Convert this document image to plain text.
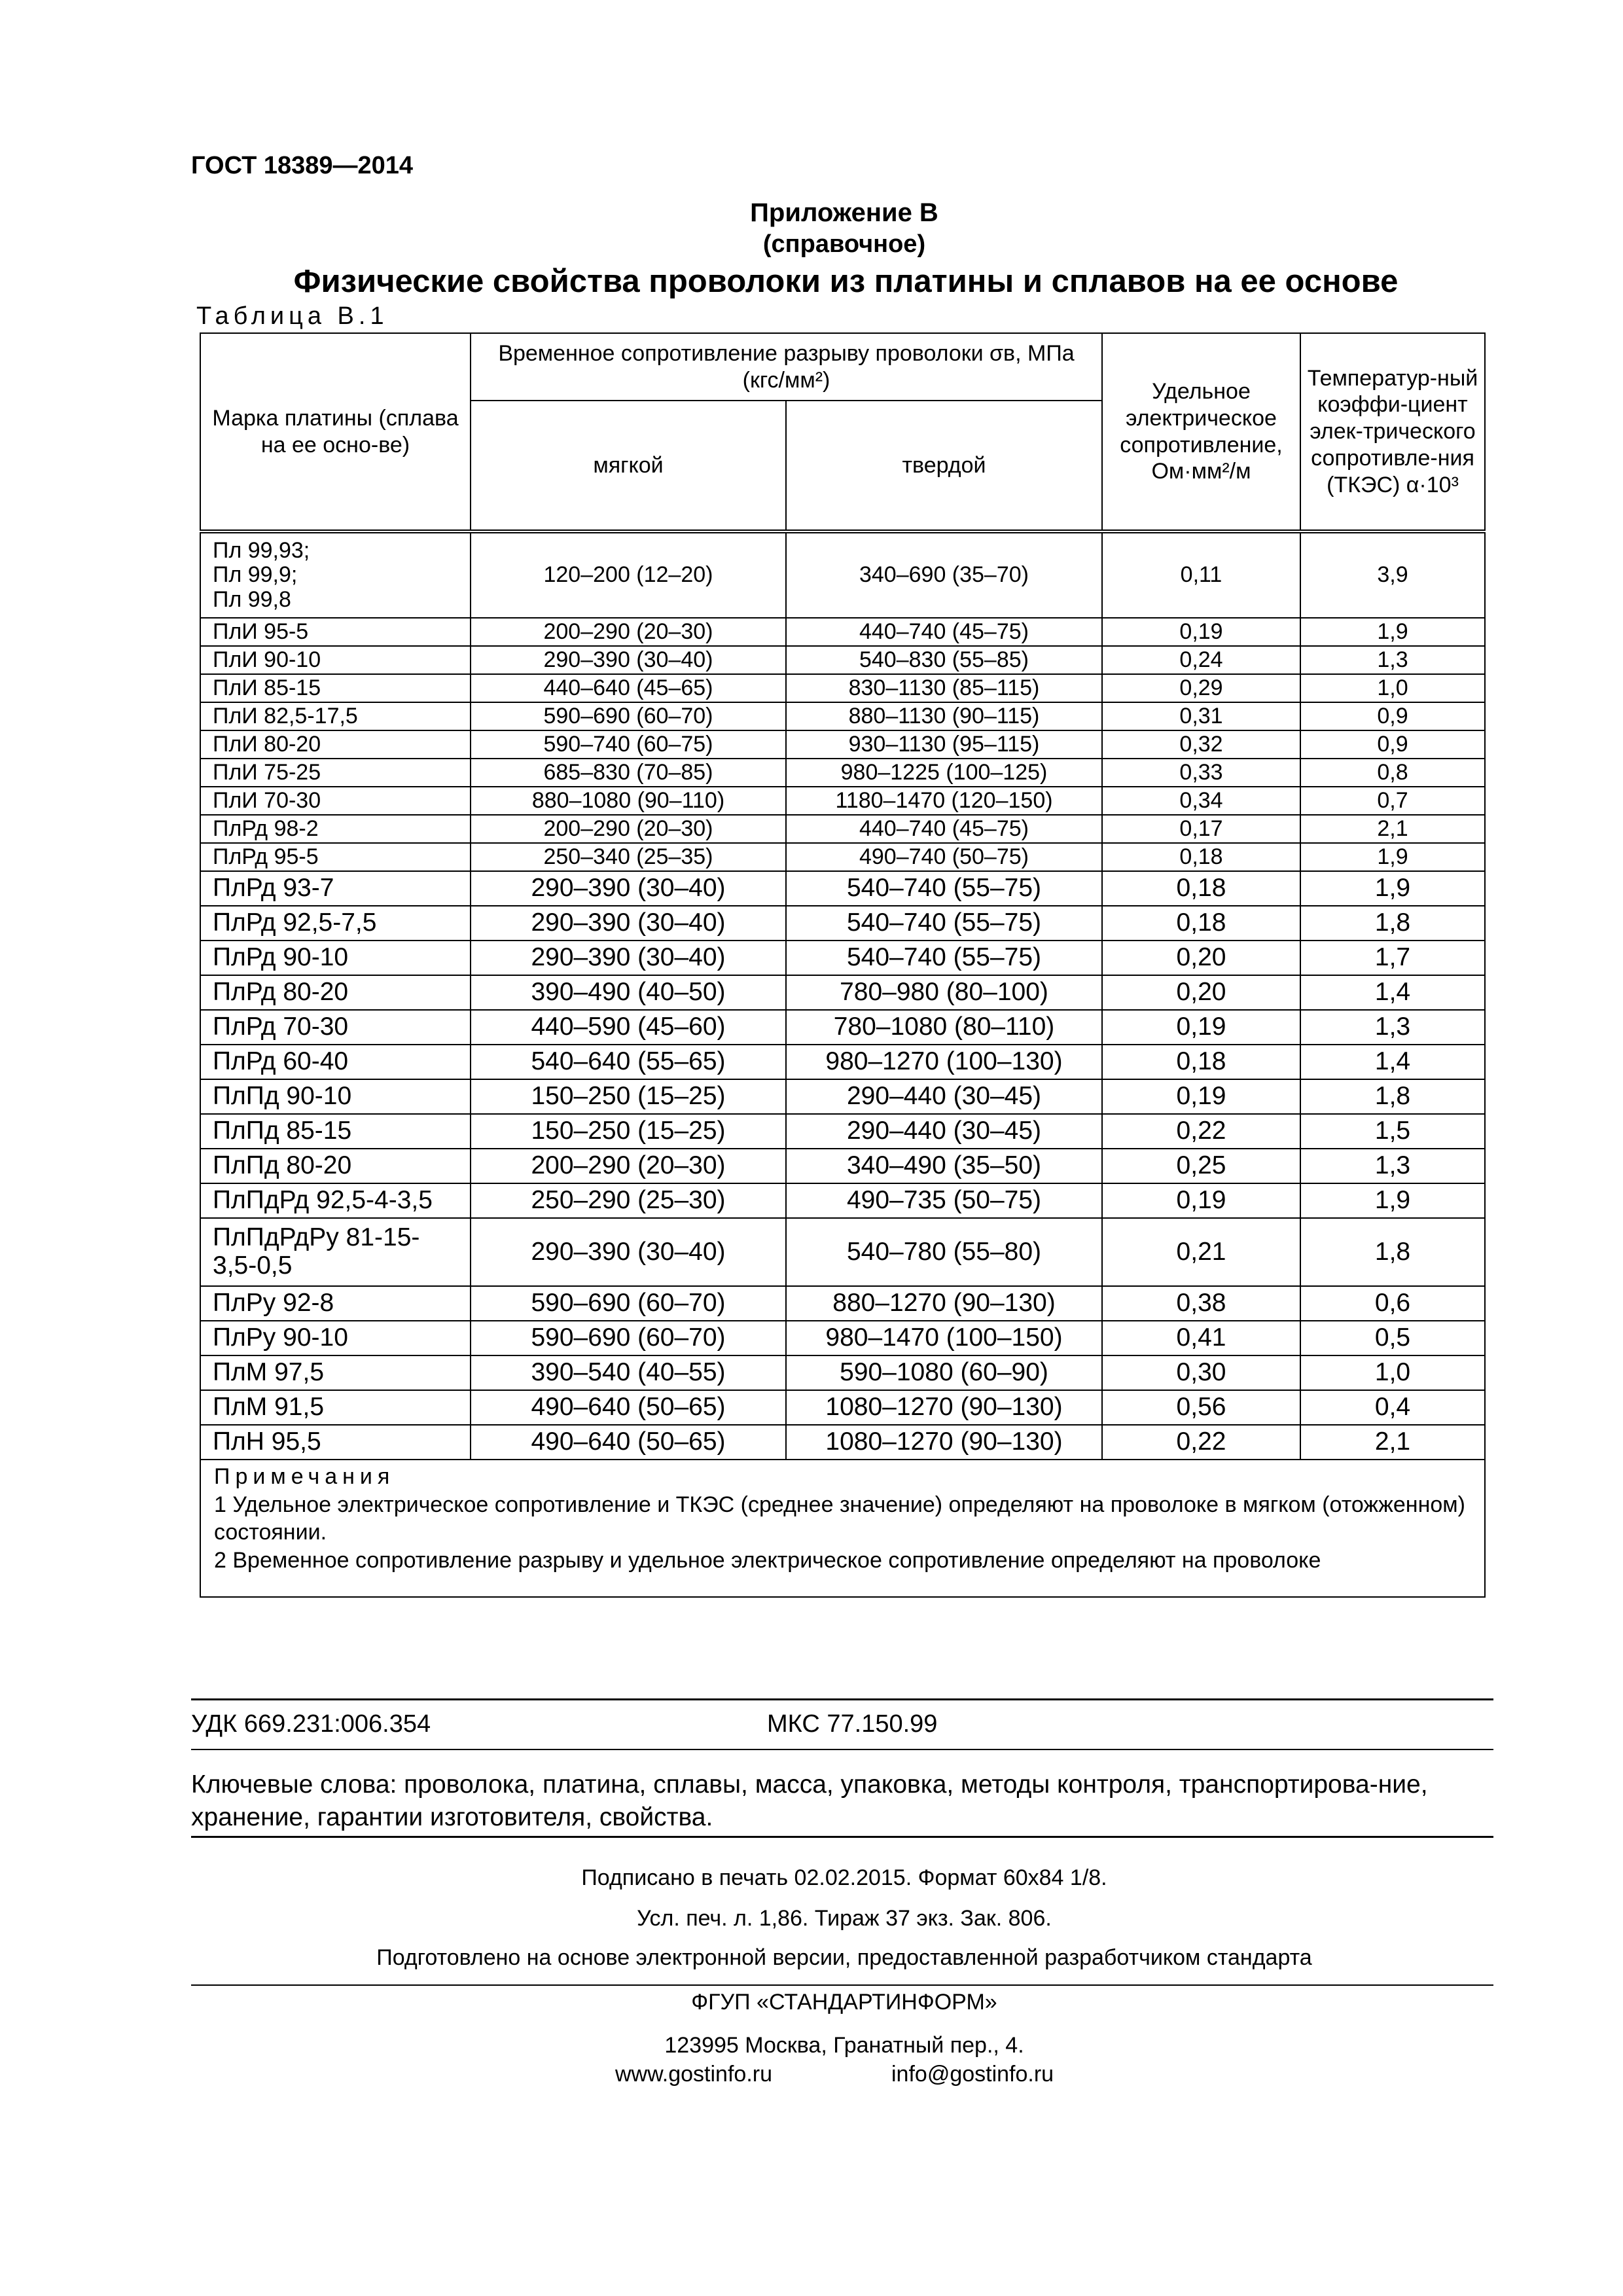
ГОСТ 18389—2014
Приложение В
(справочное)
Физические свойства проволоки из платины и сплавов на ее основе
Таблица В.1
Марка платины (сплава на ее осно-ве)	Временное сопротивление разрыву проволоки σв, МПа (кгс/мм²)		Удельное электрическое сопротивление, Ом·мм²/м	Температур-ный коэффи-циент элек-трического сопротивле-ния (ТКЭС) α·10³
	мягкой	твердой		
Пл 99,93;
Пл 99,9;
Пл 99,8	120–200 (12–20)	340–690 (35–70)	0,11	3,9
ПлИ 95-5	200–290 (20–30)	440–740 (45–75)	0,19	1,9
ПлИ 90-10	290–390 (30–40)	540–830 (55–85)	0,24	1,3
ПлИ 85-15	440–640 (45–65)	830–1130 (85–115)	0,29	1,0
ПлИ 82,5-17,5	590–690 (60–70)	880–1130 (90–115)	0,31	0,9
ПлИ 80-20	590–740 (60–75)	930–1130 (95–115)	0,32	0,9
ПлИ 75-25	685–830 (70–85)	980–1225 (100–125)	0,33	0,8
ПлИ 70-30	880–1080 (90–110)	1180–1470 (120–150)	0,34	0,7
ПлРд 98-2	200–290 (20–30)	440–740 (45–75)	0,17	2,1
ПлРд 95-5	250–340 (25–35)	490–740 (50–75)	0,18	1,9
ПлРд 93-7	290–390 (30–40)	540–740 (55–75)	0,18	1,9
ПлРд 92,5-7,5	290–390 (30–40)	540–740 (55–75)	0,18	1,8
ПлРд 90-10	290–390 (30–40)	540–740 (55–75)	0,20	1,7
ПлРд 80-20	390–490 (40–50)	780–980 (80–100)	0,20	1,4
ПлРд 70-30	440–590 (45–60)	780–1080 (80–110)	0,19	1,3
ПлРд 60-40	540–640 (55–65)	980–1270 (100–130)	0,18	1,4
ПлПд 90-10	150–250 (15–25)	290–440 (30–45)	0,19	1,8
ПлПд 85-15	150–250 (15–25)	290–440 (30–45)	0,22	1,5
ПлПд 80-20	200–290 (20–30)	340–490 (35–50)	0,25	1,3
ПлПдРд 92,5-4-3,5	250–290 (25–30)	490–735 (50–75)	0,19	1,9
ПлПдРдРу 81-15-
3,5-0,5	290–390 (30–40)	540–780 (55–80)	0,21	1,8
ПлРу 92-8	590–690 (60–70)	880–1270 (90–130)	0,38	0,6
ПлРу 90-10	590–690 (60–70)	980–1470 (100–150)	0,41	0,5
ПлМ 97,5	390–540 (40–55)	590–1080 (60–90)	0,30	1,0
ПлМ 91,5	490–640 (50–65)	1080–1270 (90–130)	0,56	0,4
ПлН 95,5	490–640 (50–65)	1080–1270 (90–130)	0,22	2,1

Примечания
1 Удельное электрическое сопротивление и ТКЭС (среднее значение) определяют на проволоке в мягком (отожженном) состоянии.
2 Временное сопротивление разрыву и удельное электрическое сопротивление определяют на проволоке				
УДК 669.231:006.354	МКС 77.150.99
Ключевые слова: проволока, платина, сплавы, масса, упаковка, методы контроля, транспортирова-ние, хранение, гарантии изготовителя, свойства.
Подписано в печать 02.02.2015. Формат 60x84 1/8.
Усл. печ. л. 1,86. Тираж 37 экз. Зак. 806.
Подготовлено на основе электронной версии, предоставленной разработчиком стандарта
ФГУП «СТАНДАРТИНФОРМ»
123995 Москва, Гранатный пер., 4.
www.gostinfo.ru	info@gostinfo.ru
